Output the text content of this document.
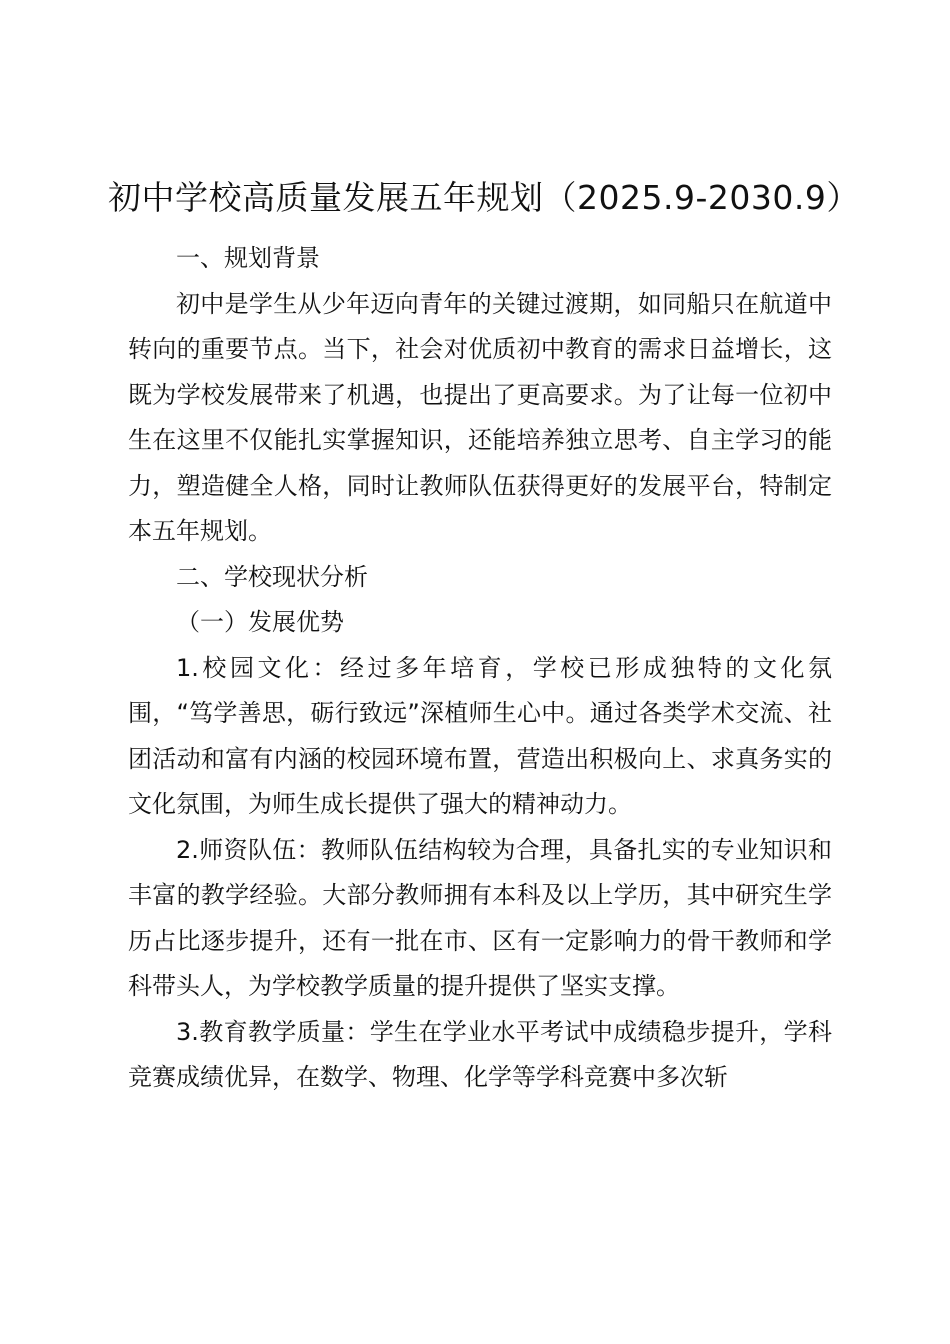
初中学校高质量发展五年规划（2025.9-2030.9）

一、规划背景

初中是学生从少年迈向青年的关键过渡期，如同船只在航道中转向的重要节点。当下，社会对优质初中教育的需求日益增长，这既为学校发展带来了机遇，也提出了更高要求。为了让每一位初中生在这里不仅能扎实掌握知识，还能培养独立思考、自主学习的能力，塑造健全人格，同时让教师队伍获得更好的发展平台，特制定本五年规划。

二、学校现状分析

（一）发展优势

1.校园文化：经过多年培育，学校已形成独特的文化氛围，“笃学善思，砺行致远”深植师生心中。通过各类学术交流、社团活动和富有内涵的校园环境布置，营造出积极向上、求真务实的文化氛围，为师生成长提供了强大的精神动力。

2.师资队伍：教师队伍结构较为合理，具备扎实的专业知识和丰富的教学经验。大部分教师拥有本科及以上学历，其中研究生学历占比逐步提升，还有一批在市、区有一定影响力的骨干教师和学科带头人，为学校教学质量的提升提供了坚实支撑。

3.教育教学质量：学生在学业水平考试中成绩稳步提升，学科竞赛成绩优异，在数学、物理、化学等学科竞赛中多次斩
